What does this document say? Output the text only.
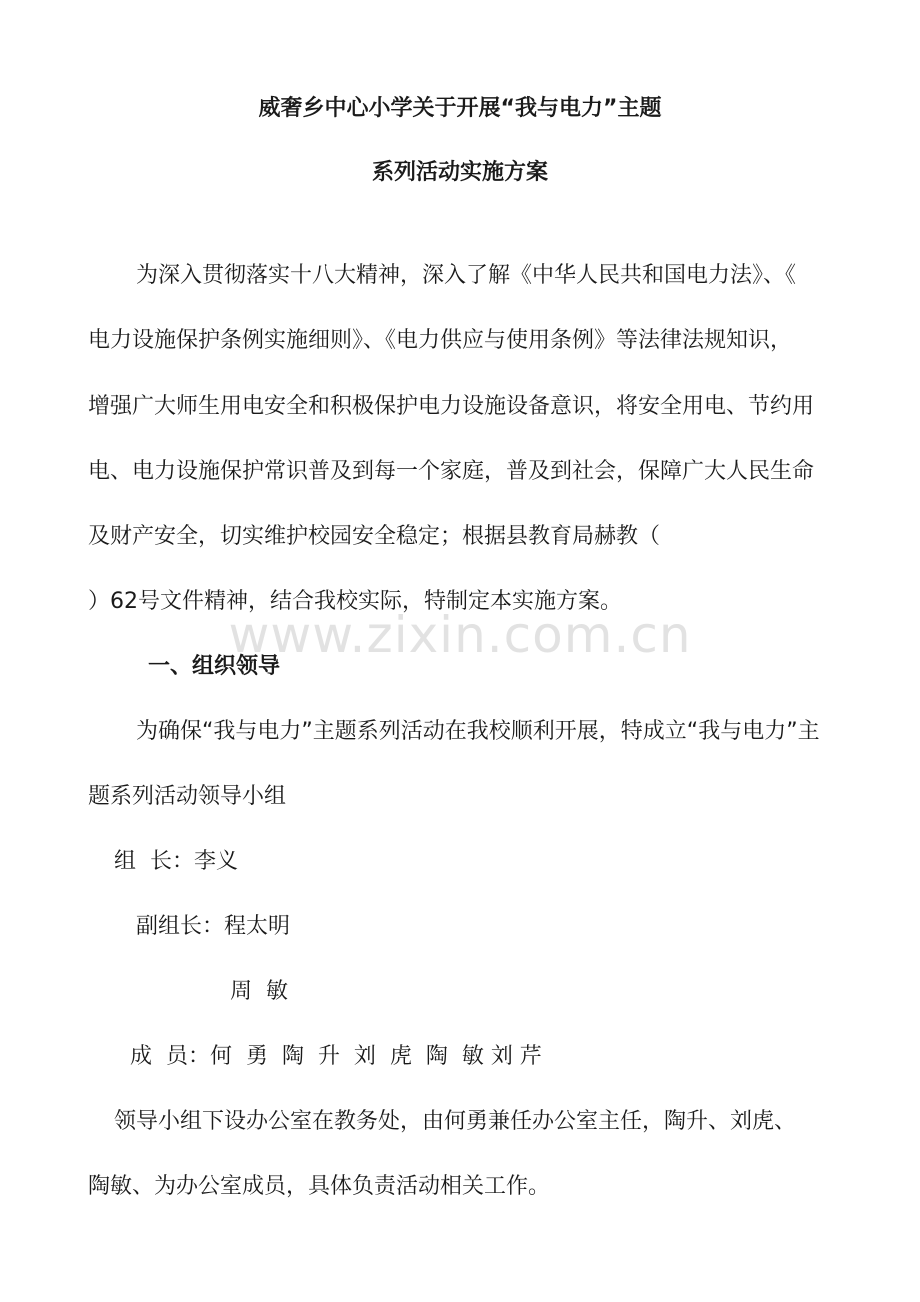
威奢乡中心小学关于开展“我与电力”主题
系列活动实施方案
为深入贯彻落实十八大精神，深入了解《中华人民共和国电力法》、《
电力设施保护条例实施细则》、《电力供应与使用条例》等法律法规知识，
增强广大师生用电安全和积极保护电力设施设备意识，将安全用电、节约用
电、电力设施保护常识普及到每一个家庭，普及到社会，保障广大人民生命
及财产安全，切实维护校园安全稳定；根据县教育局赫教（
）62号文件精神，结合我校实际，特制定本实施方案。
一、组织领导
为确保“我与电力”主题系列活动在我校顺利开展，特成立“我与电力”主
题系列活动领导小组
组  长：李义
副组长：程太明
周  敏
成  员：何  勇  陶  升  刘  虎  陶  敏 刘 芹
领导小组下设办公室在教务处，由何勇兼任办公室主任，陶升、刘虎、
陶敏、为办公室成员，具体负责活动相关工作。
www.zixin.com.cn
